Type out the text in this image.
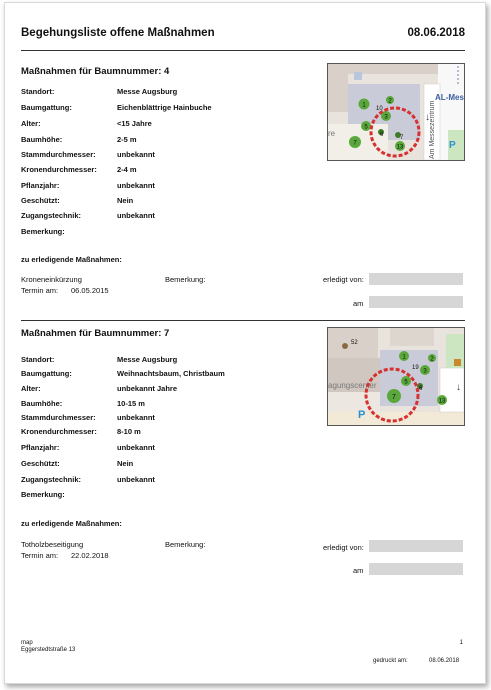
Begehungsliste offene Maßnahmen	08.06.2018
Maßnahmen für Baumnummer: 4
Standort:	Messe Augsburg
Baumgattung:	Eichenblättrige Hainbuche
Alter:	<15 Jahre
Baumhöhe:	2-5 m
Stammdurchmesser:	unbekannt
Kronendurchmesser:	2-4 m
Pflanzjahr:	unbekannt
Geschützt:	Nein
Zugangstechnik:	unbekannt
Bemerkung:
re
AL-Mes
Am Messezentrum P
↓
1
10
2
3
5
6
7
7
13
zu erledigende Maßnahmen:
Kroneneinkürzung	Bemerkung:	erledigt von:
Termin am: 06.05.2015
am
Maßnahmen für Baumnummer: 7
Standort:	Messe Augsburg
Baumgattung:	Weihnachtsbaum, Christbaum
Alter:	unbekannt Jahre
Baumhöhe:	10-15 m
Stammdurchmesser:	unbekannt
Kronendurchmesser:	8-10 m
Pflanzjahr:	unbekannt
Geschützt:	Nein
Zugangstechnik:	unbekannt
Bemerkung:
52
agungscenter
P
↓
1
19
2
3
5
6
7
13
zu erledigende Maßnahmen:
Totholzbeseitigung	Bemerkung:	erledigt von:
Termin am: 22.02.2018
am
map
Eggerstedtstraße 13
1
gedruckt am:	08.06.2018
